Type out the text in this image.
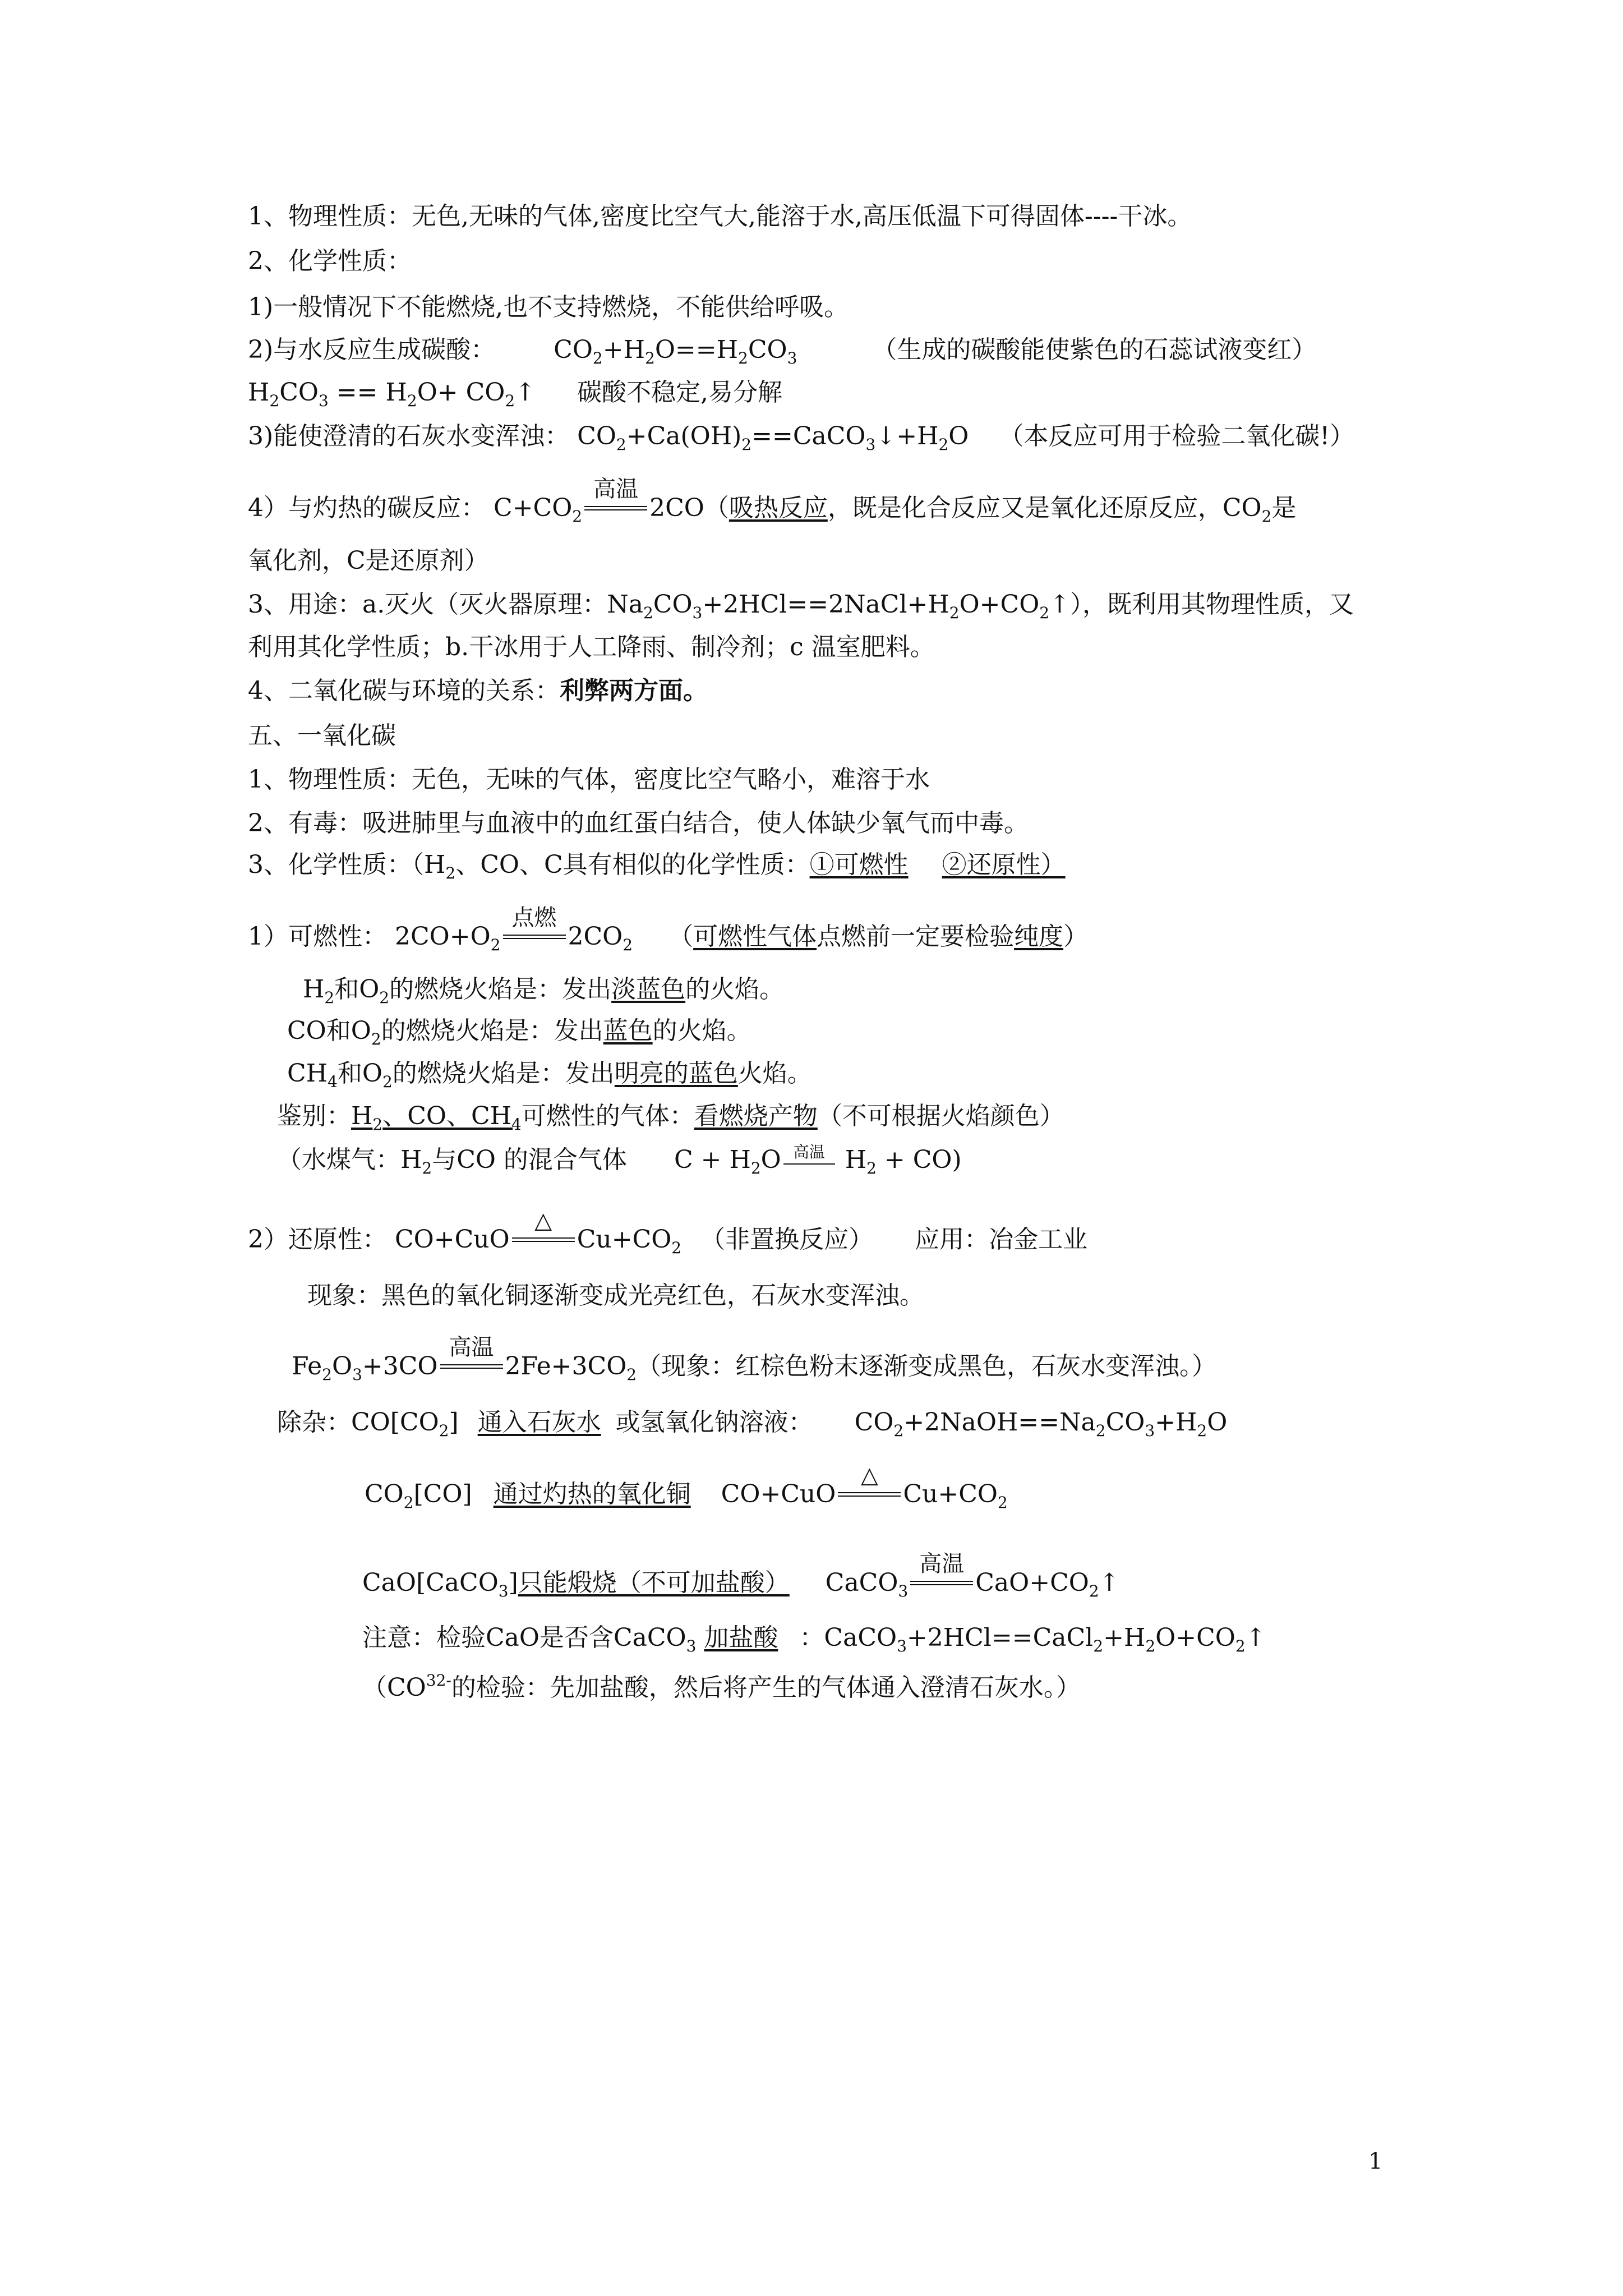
1、物理性质：无色,无味的气体,密度比空气大,能溶于水,高压低温下可得固体----干冰。
2、化学性质：
1)一般情况下不能燃烧,也不支持燃烧，不能供给呼吸。
2)与水反应生成碳酸： $CO_2+H_2O==H_2CO_3$	（生成的碳酸能使紫色的石蕊试液变红）
$H_2CO_3 == H_2O+$ $CO_2↑$ 碳酸不稳定,易分解
3)能使澄清的石灰水变浑浊： $CO_2+Ca(OH)_2==CaCO_3↓+H_2O$ （本反应可用于检验二氧化碳!）
4）与灼热的碳反应： $C+CO_2$
高温
2CO（吸热反应，既是化合反应又是氧化还原反应，$CO_2$是
氧化剂，C是还原剂）
3、用途：a.灭火（灭火器原理：$Na_2CO_3+2HCl==2NaCl+H_2O+CO_2↑$），既利用其物理性质，又
利用其化学性质；b.干冰用于人工降雨、制冷剂；c 温室肥料。
4、二氧化碳与环境的关系：利弊两方面。
五、一氧化碳
1、物理性质：无色，无味的气体，密度比空气略小，难溶于水
2、有毒：吸进肺里与血液中的血红蛋白结合，使人体缺少氧气而中毒。
3、化学性质：（$H_2$、CO、C具有相似的化学性质：①可燃性 ②还原性）
1）可燃性： $2CO+O_2$
点燃
$2CO_2$ （可燃性气体点燃前一定要检验纯度）
$H_2$和$O_2$的燃烧火焰是：发出淡蓝色的火焰。
CO和$O_2$的燃烧火焰是：发出蓝色的火焰。
$CH_4$和$O_2$的燃烧火焰是：发出明亮的蓝色火焰。
鉴别：$H_2$、CO、$CH_4$可燃性的气体：看燃烧产物（不可根据火焰颜色）
（水煤气：$H_2$与CO 的混合气体 $C + H_2O$ 高温 $H_2 + CO$)
2）还原性： CO+CuO
△
$Cu+CO_2$ （非置换反应） 应用：冶金工业
现象：黑色的氧化铜逐渐变成光亮红色，石灰水变浑浊。
$Fe_2O_3+3CO$
高温
$2Fe+3CO_2$（现象：红棕色粉末逐渐变成黑色，石灰水变浑浊。）
除杂：$CO[CO_2]$ 通入石灰水 或氢氧化钠溶液： $CO_2+2NaOH==Na_2CO_3+H_2O$
$CO_2[CO]$ 通过灼热的氧化铜 CO+CuO
△
$Cu+CO_2$
CaO[CaCO$_3$]只能煅烧（不可加盐酸） CaCO$_3$
高温
$CaO+CO_2↑$
注意：检验CaO是否含CaCO$_3$ 加盐酸 ：$CaCO_3+2HCl==CaCl_2+H_2O+CO_2↑$
（$CO^{32-}$的检验：先加盐酸，然后将产生的气体通入澄清石灰水。）
1
